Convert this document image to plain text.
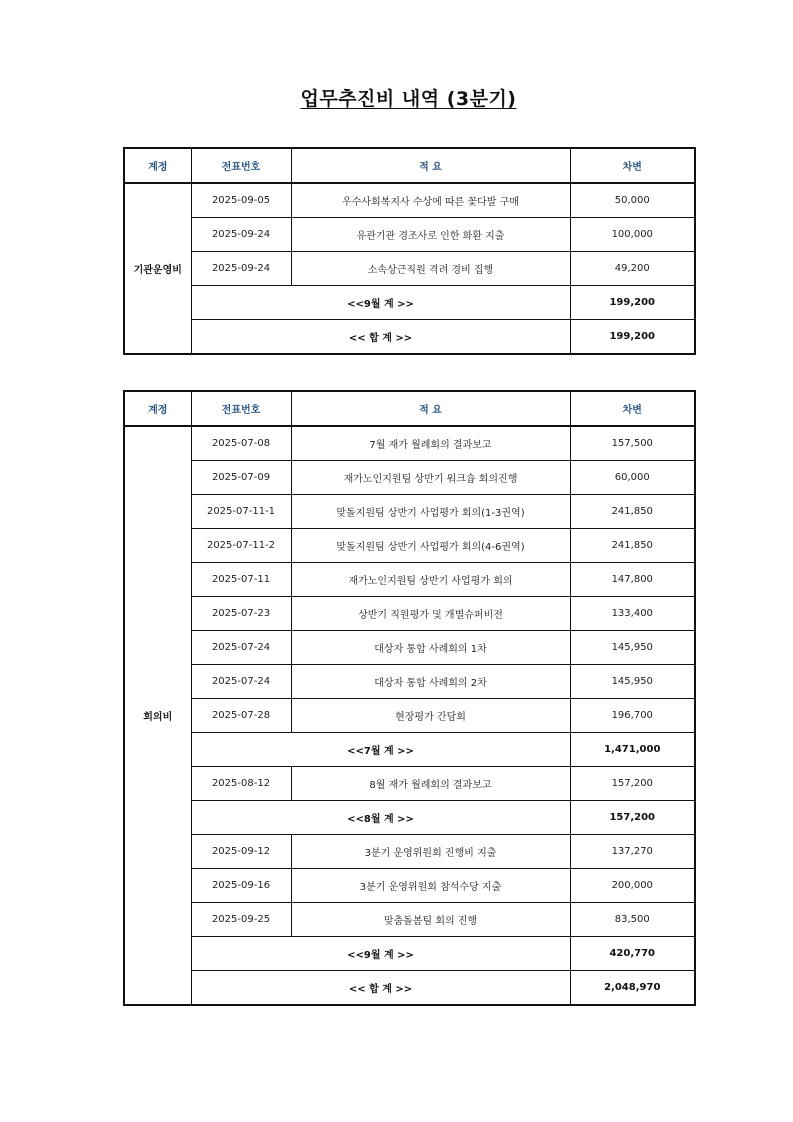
업무추진비 내역 (3분기)
계정	전표번호	적 요	차변
기관운영비	2025-09-05	우수사회복지사 수상에 따른 꽃다발 구매	50,000
	2025-09-24	유관기관 경조사로 인한 화환 지출	100,000
	2025-09-24	소속상근직원 격려 경비 집행	49,200
	<<9월 계 >>		199,200
	<< 합 계 >>		199,200
계정	전표번호	적 요	차변
회의비	2025-07-08	7월 재가 월례회의 결과보고	157,500
	2025-07-09	재가노인지원팀 상반기 워크숍 회의진행	60,000
	2025-07-11-1	맞돌지원팀 상반기 사업평가 회의(1-3권역)	241,850
	2025-07-11-2	맞돌지원팀 상반기 사업평가 회의(4-6권역)	241,850
	2025-07-11	재가노인지원팀 상반기 사업평가 회의	147,800
	2025-07-23	상반기 직원평가 및 개별슈퍼비전	133,400
	2025-07-24	대상자 통합 사례회의 1차	145,950
	2025-07-24	대상자 통합 사례회의 2차	145,950
	2025-07-28	현장평가 간담회	196,700
	<<7월 계 >>		1,471,000
	2025-08-12	8월 재가 월례회의 결과보고	157,200
	<<8월 계 >>		157,200
	2025-09-12	3분기 운영위원회 진행비 지출	137,270
	2025-09-16	3분기 운영위원회 참석수당 지출	200,000
	2025-09-25	맞춤돌봄팀 회의 진행	83,500
	<<9월 계 >>		420,770
	<< 합 계 >>		2,048,970
